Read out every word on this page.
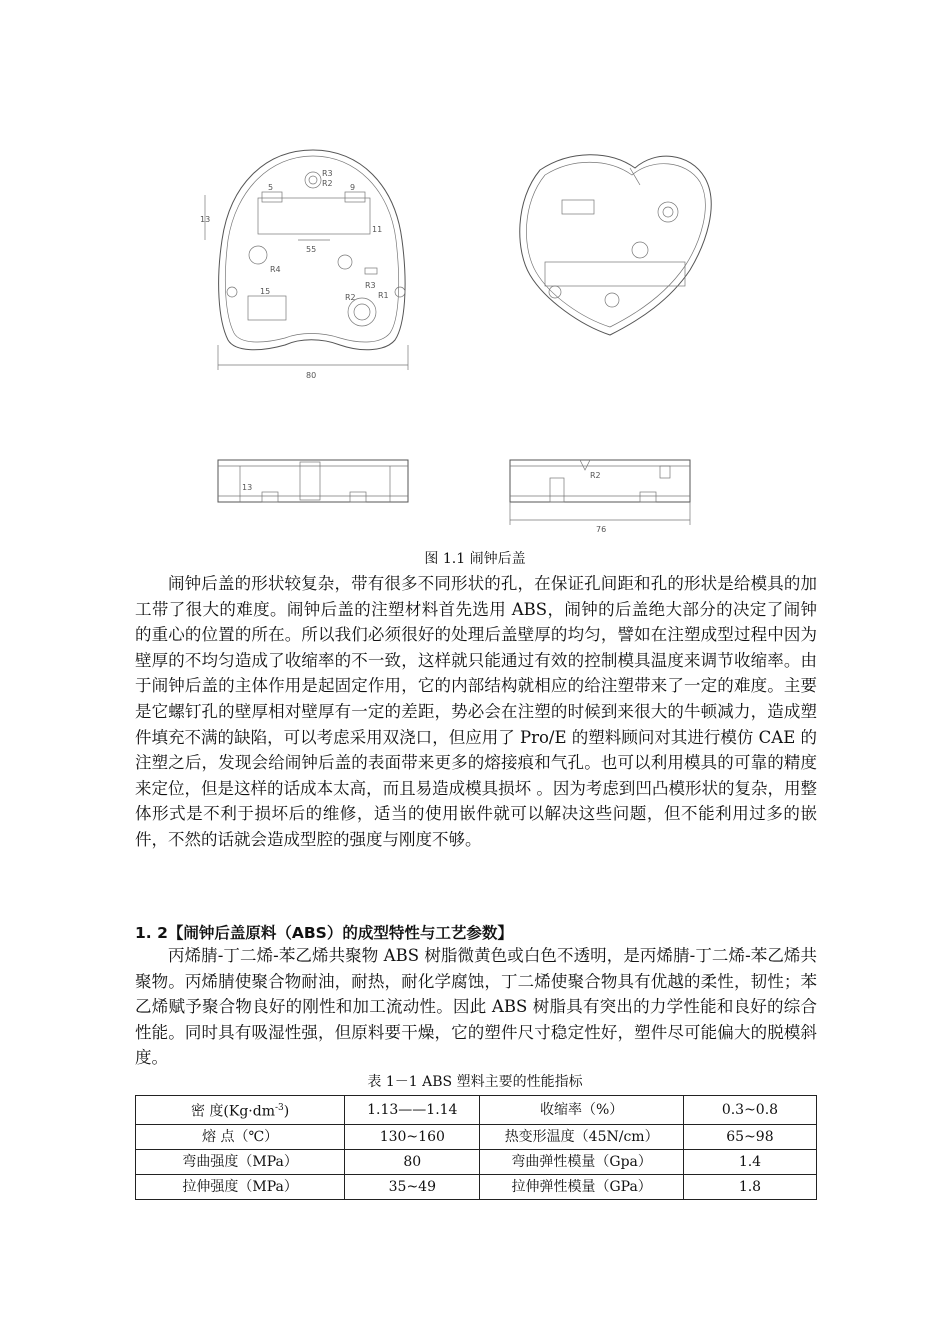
R3
R2 9
5
13
11
55
R4
15
R2
R3
R1
80
13
R2
76
图 1.1 闹钟后盖

闹钟后盖的形状较复杂，带有很多不同形状的孔，在保证孔间距和孔的形状是给模具的加工带了很大的难度。闹钟后盖的注塑材料首先选用 ABS，闹钟的后盖绝大部分的决定了闹钟的重心的位置的所在。所以我们必须很好的处理后盖壁厚的均匀，譬如在注塑成型过程中因为壁厚的不均匀造成了收缩率的不一致，这样就只能通过有效的控制模具温度来调节收缩率。由于闹钟后盖的主体作用是起固定作用，它的内部结构就相应的给注塑带来了一定的难度。主要是它螺钉孔的壁厚相对壁厚有一定的差距，势必会在注塑的时候到来很大的牛顿减力，造成塑件填充不满的缺陷，可以考虑采用双浇口，但应用了 Pro/E 的塑料顾问对其进行模仿 CAE 的注塑之后，发现会给闹钟后盖的表面带来更多的熔接痕和气孔。也可以利用模具的可靠的精度来定位，但是这样的话成本太高，而且易造成模具损坏 。因为考虑到凹凸模形状的复杂，用整体形式是不利于损坏后的维修，适当的使用嵌件就可以解决这些问题，但不能利用过多的嵌件，不然的话就会造成型腔的强度与刚度不够。

1. 2【闹钟后盖原料（ABS）的成型特性与工艺参数】

丙烯腈-丁二烯-苯乙烯共聚物 ABS 树脂微黄色或白色不透明，是丙烯腈-丁二烯-苯乙烯共聚物。丙烯腈使聚合物耐油，耐热，耐化学腐蚀，丁二烯使聚合物具有优越的柔性，韧性；苯乙烯赋予聚合物良好的刚性和加工流动性。因此 ABS 树脂具有突出的力学性能和良好的综合性能。同时具有吸湿性强，但原料要干燥，它的塑件尺寸稳定性好，塑件尽可能偏大的脱模斜度。

表 1－1 ABS 塑料主要的性能指标
密 度$(Kg\cdot dm^{-3})$	1.13——1.14	收缩率（%）	0.3~0.8
熔 点（℃）	130~160	热变形温度（45N/cm）	65~98
弯曲强度（MPa）	80	弯曲弹性模量（Gpa）	1.4
拉伸强度（MPa）	35~49	拉伸弹性模量（GPa）	1.8
